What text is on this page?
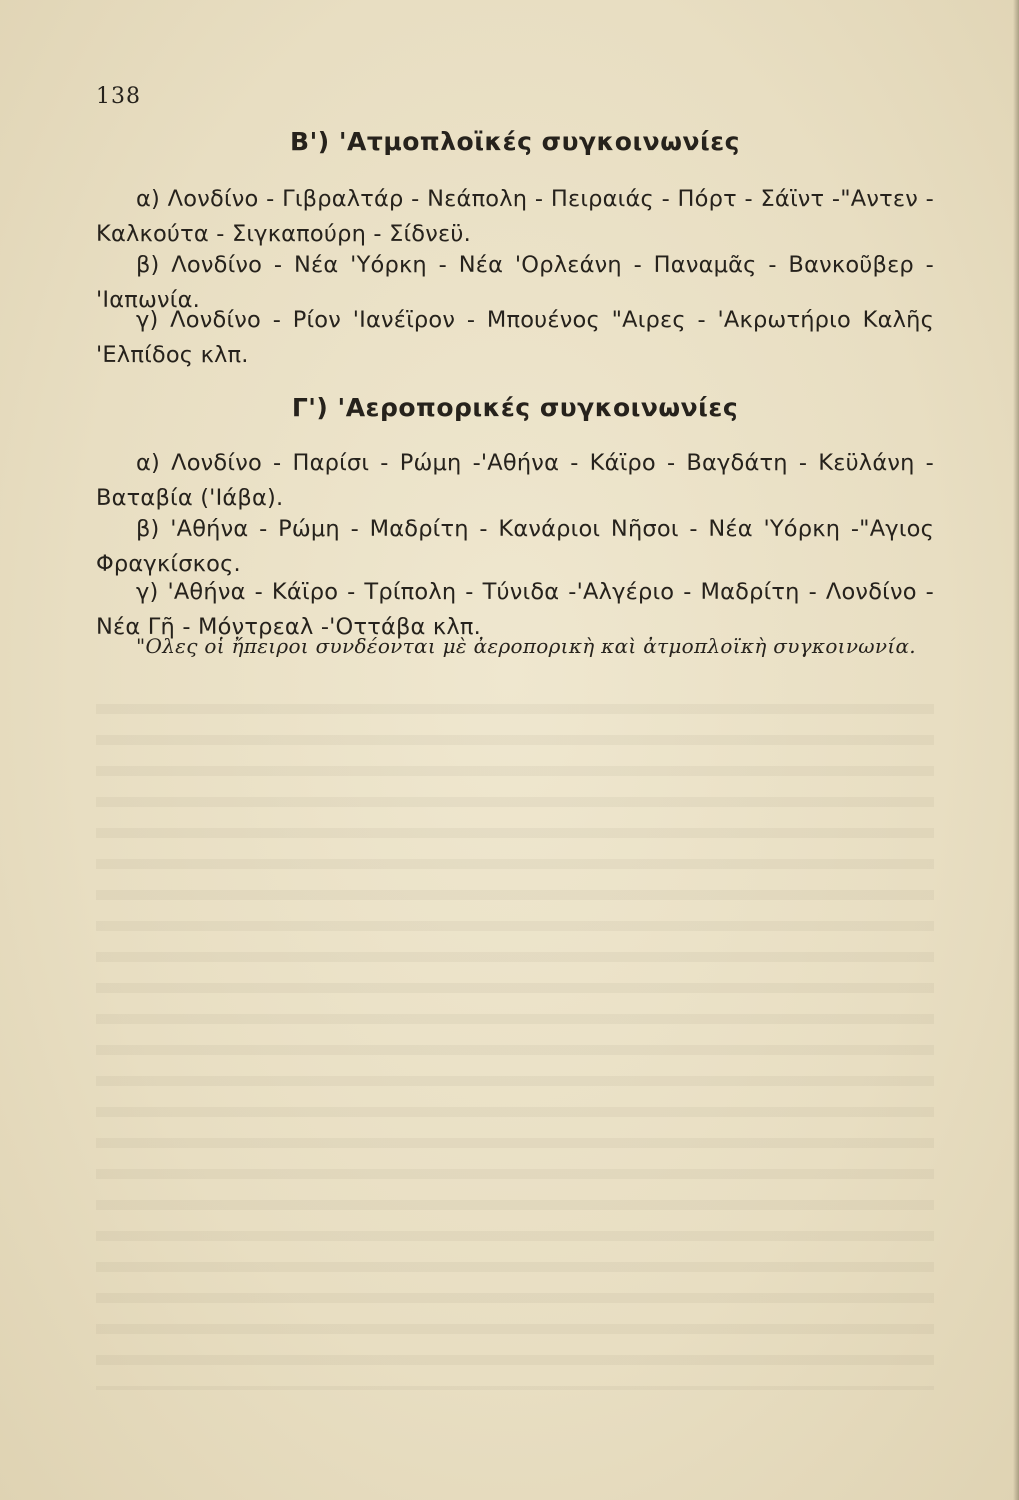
138
Β') 'Ατμοπλοϊκές συγκοινωνίες
α) Λονδίνο - Γιβραλτάρ - Νεάπολη - Πειραιάς - Πόρτ - Σάϊντ -"Αντεν - Καλκούτα - Σιγκαπούρη - Σίδνεϋ.
β) Λονδίνο - Νέα 'Υόρκη - Νέα 'Ορλεάνη - Παναμᾶς - Βανκοῦβερ -'Ιαπωνία.
γ) Λονδίνο - Ρίον 'Ιανέϊρον - Μπουένος "Αιρες - 'Ακρωτήριο Καλῆς 'Ελπίδος κλπ.
Γ') 'Αεροπορικές συγκοινωνίες
α) Λονδίνο - Παρίσι - Ρώμη -'Αθήνα - Κάϊρο - Βαγδάτη - Κεϋλάνη - Βαταβία ('Ιάβα).
β) 'Αθήνα - Ρώμη - Μαδρίτη - Κανάριοι Νῆσοι - Νέα 'Υόρκη -"Αγιος Φραγκίσκος.
γ) 'Αθήνα - Κάϊρο - Τρίπολη - Τύνιδα -'Αλγέριο - Μαδρίτη - Λονδίνο - Νέα Γῆ - Μόντρεαλ -'Οττάβα κλπ.
"Ολες οἱ ἤπειροι συνδέονται μὲ ἀεροπορικὴ καὶ ἀτμοπλοϊκὴ συγκοινωνία.
